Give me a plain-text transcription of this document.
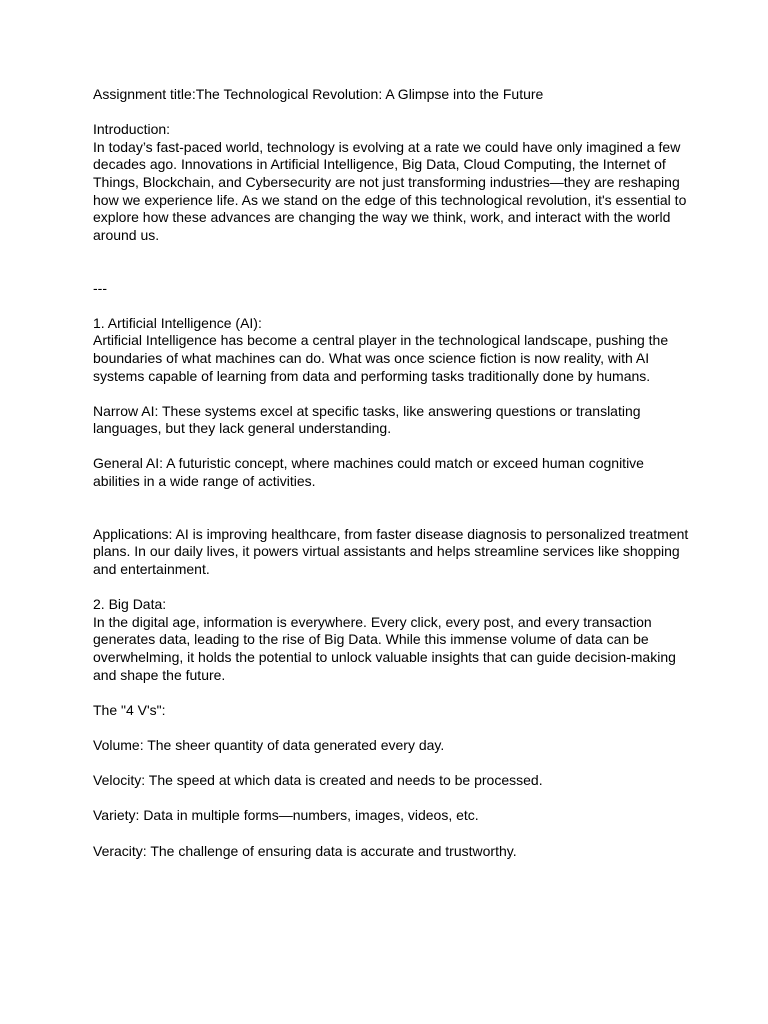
Assignment title:The Technological Revolution: A Glimpse into the Future

Introduction:

In today’s fast-paced world, technology is evolving at a rate we could have only imagined a few decades ago. Innovations in Artificial Intelligence, Big Data, Cloud Computing, the Internet of Things, Blockchain, and Cybersecurity are not just transforming industries—they are reshaping how we experience life. As we stand on the edge of this technological revolution, it's essential to explore how these advances are changing the way we think, work, and interact with the world around us.

---

1. Artificial Intelligence (AI):

Artificial Intelligence has become a central player in the technological landscape, pushing the boundaries of what machines can do. What was once science fiction is now reality, with AI systems capable of learning from data and performing tasks traditionally done by humans.

Narrow AI: These systems excel at specific tasks, like answering questions or translating languages, but they lack general understanding.

General AI: A futuristic concept, where machines could match or exceed human cognitive abilities in a wide range of activities.

Applications: AI is improving healthcare, from faster disease diagnosis to personalized treatment plans. In our daily lives, it powers virtual assistants and helps streamline services like shopping and entertainment.

2. Big Data:

In the digital age, information is everywhere. Every click, every post, and every transaction generates data, leading to the rise of Big Data. While this immense volume of data can be overwhelming, it holds the potential to unlock valuable insights that can guide decision-making and shape the future.

The "4 V's":

Volume: The sheer quantity of data generated every day.

Velocity: The speed at which data is created and needs to be processed.

Variety: Data in multiple forms—numbers, images, videos, etc.

Veracity: The challenge of ensuring data is accurate and trustworthy.
